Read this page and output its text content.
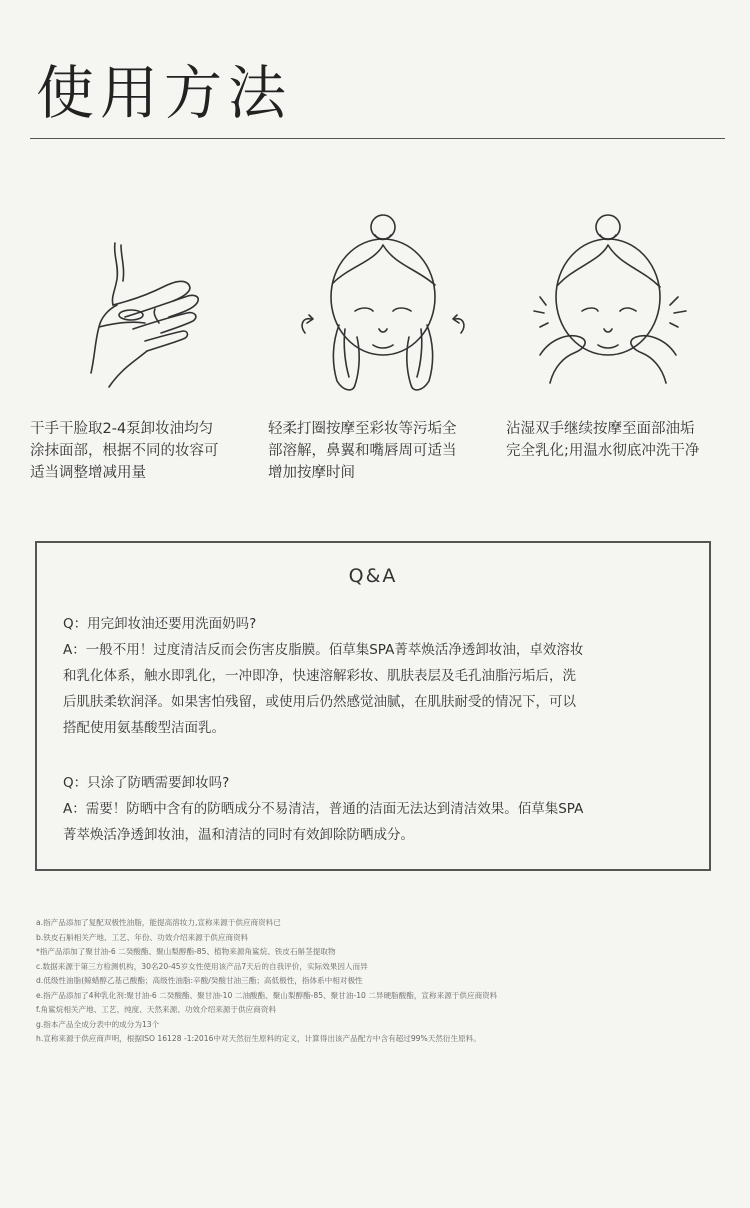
使用方法
干手干脸取2-4泵卸妆油均匀
涂抹面部，根据不同的妆容可
适当调整增减用量
轻柔打圈按摩至彩妆等污垢全
部溶解，鼻翼和嘴唇周可适当
增加按摩时间
沾湿双手继续按摩至面部油垢
完全乳化;用温水彻底冲洗干净
Q&A

Q：用完卸妆油还要用洗面奶吗?

A：一般不用！过度清洁反而会伤害皮脂膜。佰草集SPA菁萃焕活净透卸妆油，卓效溶妆

和乳化体系，触水即乳化，一冲即净，快速溶解彩妆、肌肤表层及毛孔油脂污垢后，洗

后肌肤柔软润泽。如果害怕残留，或使用后仍然感觉油腻，在肌肤耐受的情况下，可以

搭配使用氨基酸型洁面乳。

Q：只涂了防晒需要卸妆吗?

A：需要！防晒中含有的防晒成分不易清洁，普通的洁面无法达到清洁效果。佰草集SPA

菁萃焕活净透卸妆油，温和清洁的同时有效卸除防晒成分。

a.指产品添加了复配双极性油脂，能提高溶妆力,宣称来源于供应商资料已
b.铁皮石斛相关产地、工艺、年份、功效介绍来源于供应商资料
*指产品添加了聚甘油-6 二癸酸酯、聚山梨醇酯-85、植物来源角鲨烷、铁皮石斛茎提取物
c.数据来源于第三方检测机构，30名20-45岁女性使用该产品7天后的自我评价，实际效果因人而异
d.低级性油脂(鲸蜡醇乙基己酸酯；高级性油脂:辛酸/癸酸甘油三酯；高低极性，指体系中相对极性
e.指产品添加了4种乳化剂:聚甘油-6 二癸酸酯、聚甘油-10 二油酸酯、聚山梨醇酯-85、聚甘油-10 二异硬脂酸酯，宣称来源于供应商资料
f.角鲨烷相关产地、工艺、纯度、天然来源、功效介绍来源于供应商资料
g.指本产品全成分表中的成分为13个
h.宣称来源于供应商声明，根据ISO 16128 -1:2016中对天然衍生原料的定义，计算得出该产品配方中含有超过99%天然衍生原料。
